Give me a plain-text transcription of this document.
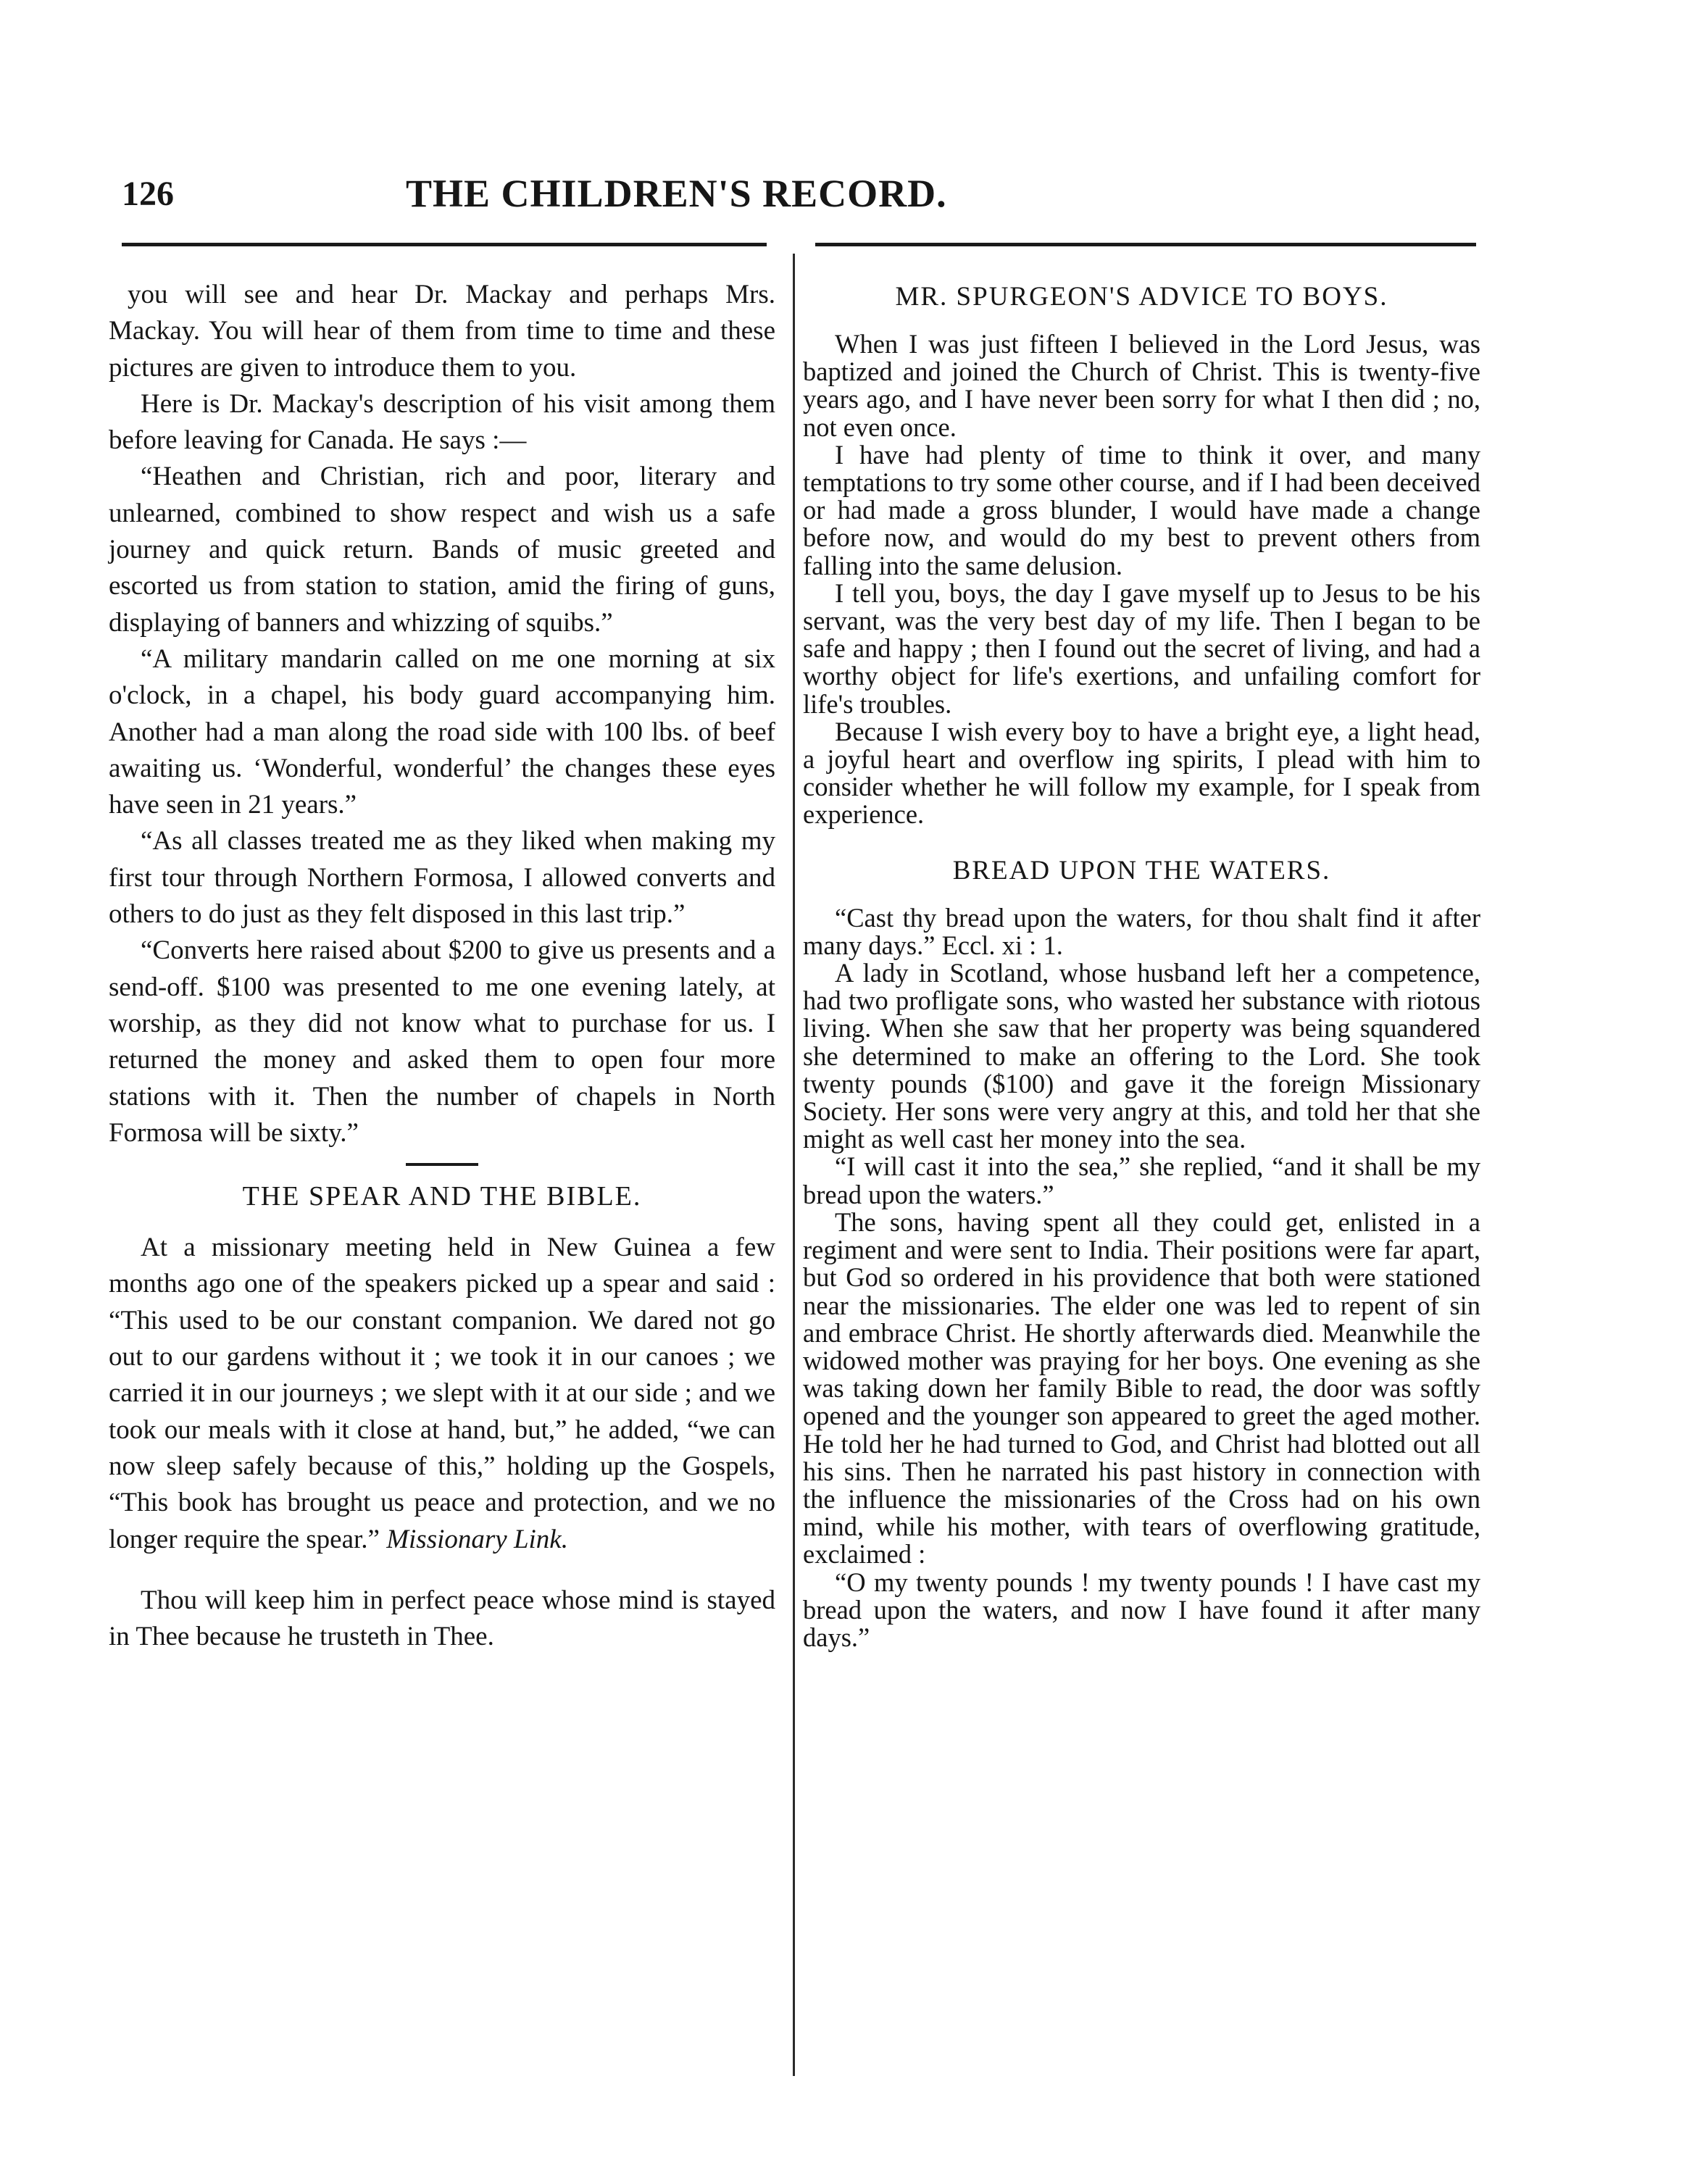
126	THE CHILDREN'S RECORD.

you will see and hear Dr. Mackay and perhaps Mrs. Mackay. You will hear of them from time to time and these pictures are given to introduce them to you.

Here is Dr. Mackay's description of his visit among them before leaving for Canada. He says :—

“Heathen and Christian, rich and poor, literary and unlearned, combined to show respect and wish us a safe journey and quick return. Bands of music greeted and escorted us from station to station, amid the firing of guns, displaying of banners and whizzing of squibs.”

“A military mandarin called on me one morning at six o'clock, in a chapel, his body guard accompanying him. Another had a man along the road side with 100 lbs. of beef awaiting us. ‘Wonderful, wonderful’ the changes these eyes have seen in 21 years.”

“As all classes treated me as they liked when making my first tour through Northern Formosa, I allowed converts and others to do just as they felt disposed in this last trip.”

“Converts here raised about $200 to give us presents and a send-off. $100 was presented to me one evening lately, at worship, as they did not know what to purchase for us. I returned the money and asked them to open four more stations with it. Then the number of chapels in North Formosa will be sixty.”

THE SPEAR AND THE BIBLE.

At a missionary meeting held in New Guinea a few months ago one of the speakers picked up a spear and said : “This used to be our constant companion. We dared not go out to our gardens without it ; we took it in our canoes ; we carried it in our journeys ; we slept with it at our side ; and we took our meals with it close at hand, but,” he added, “we can now sleep safely because of this,” holding up the Gospels, “This book has brought us peace and protection, and we no longer require the spear.” Missionary Link.

Thou will keep him in perfect peace whose mind is stayed in Thee because he trusteth in Thee.

MR. SPURGEON'S ADVICE TO BOYS.

When I was just fifteen I believed in the Lord Jesus, was baptized and joined the Church of Christ. This is twenty-five years ago, and I have never been sorry for what I then did ; no, not even once.

I have had plenty of time to think it over, and many temptations to try some other course, and if I had been deceived or had made a gross blunder, I would have made a change before now, and would do my best to prevent others from falling into the same delusion.

I tell you, boys, the day I gave myself up to Jesus to be his servant, was the very best day of my life. Then I began to be safe and happy ; then I found out the secret of living, and had a worthy object for life's exertions, and unfailing comfort for life's troubles.

Because I wish every boy to have a bright eye, a light head, a joyful heart and overflow ing spirits, I plead with him to consider whether he will follow my example, for I speak from experience.

BREAD UPON THE WATERS.

“Cast thy bread upon the waters, for thou shalt find it after many days.” Eccl. xi : 1.

A lady in Scotland, whose husband left her a competence, had two profligate sons, who wasted her substance with riotous living. When she saw that her property was being squandered she determined to make an offering to the Lord. She took twenty pounds ($100) and gave it the foreign Missionary Society. Her sons were very angry at this, and told her that she might as well cast her money into the sea.

“I will cast it into the sea,” she replied, “and it shall be my bread upon the waters.”

The sons, having spent all they could get, enlisted in a regiment and were sent to India. Their positions were far apart, but God so ordered in his providence that both were stationed near the missionaries. The elder one was led to repent of sin and embrace Christ. He shortly afterwards died. Meanwhile the widowed mother was praying for her boys. One evening as she was taking down her family Bible to read, the door was softly opened and the younger son appeared to greet the aged mother. He told her he had turned to God, and Christ had blotted out all his sins. Then he narrated his past history in connection with the influence the missionaries of the Cross had on his own mind, while his mother, with tears of overflowing gratitude, exclaimed :

“O my twenty pounds ! my twenty pounds ! I have cast my bread upon the waters, and now I have found it after many days.”
